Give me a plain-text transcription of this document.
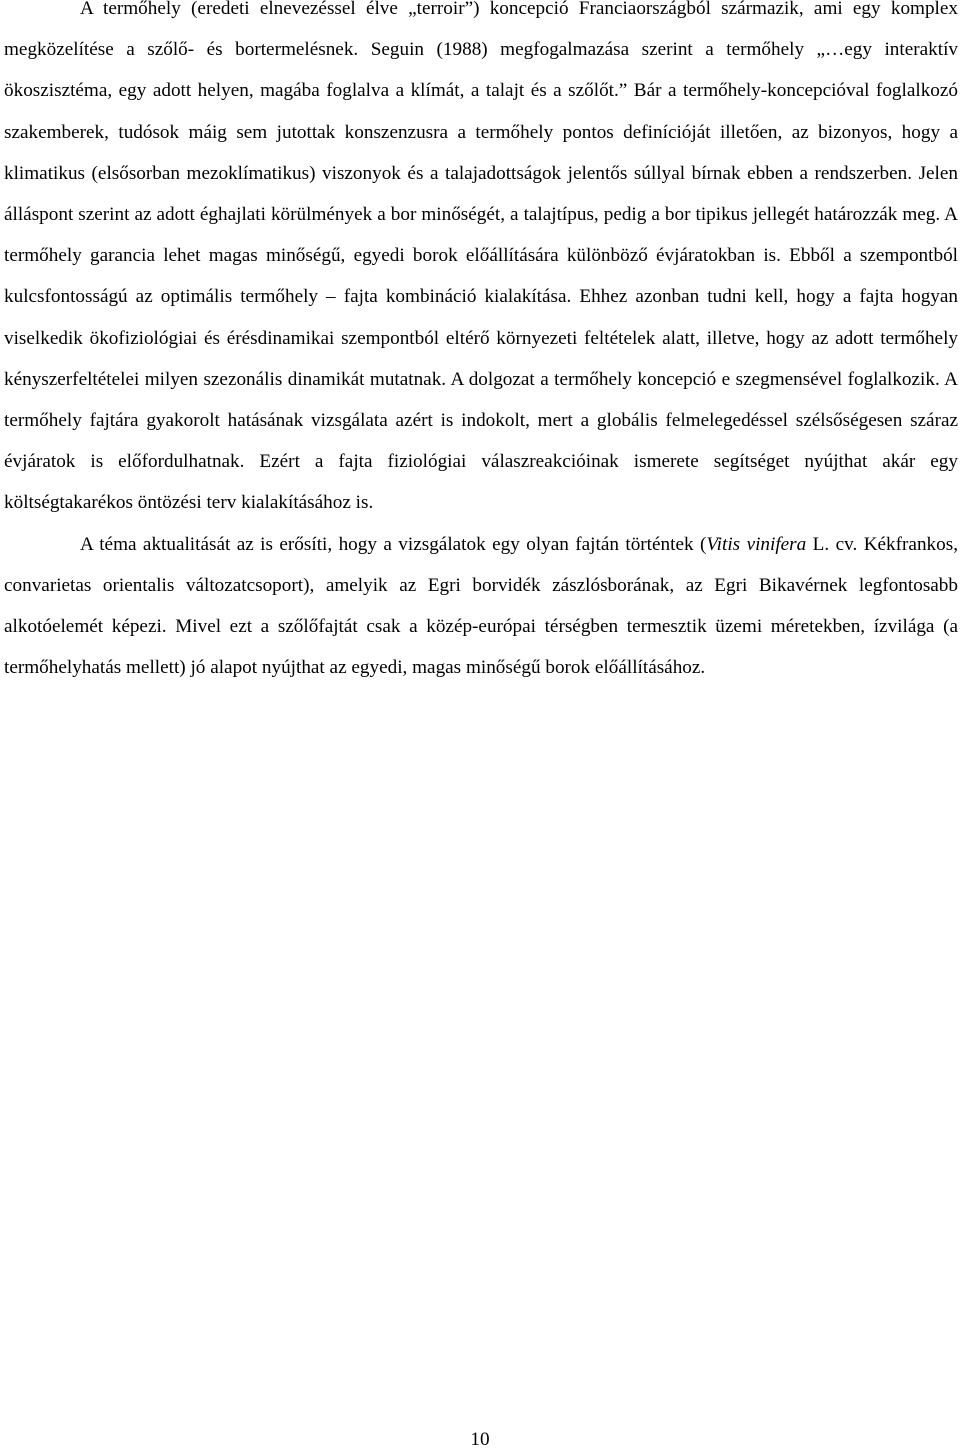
A termőhely (eredeti elnevezéssel élve „terroir”) koncepció Franciaországból származik, ami egy komplex megközelítése a szőlő- és bortermelésnek. Seguin (1988) megfogalmazása szerint a termőhely „…egy interaktív ökoszisztéma, egy adott helyen, magába foglalva a klímát, a talajt és a szőlőt.” Bár a termőhely-koncepcióval foglalkozó szakemberek, tudósok máig sem jutottak konszenzusra a termőhely pontos definícióját illetően, az bizonyos, hogy a klimatikus (elsősorban mezoklímatikus) viszonyok és a talajadottságok jelentős súllyal bírnak ebben a rendszerben. Jelen álláspont szerint az adott éghajlati körülmények a bor minőségét, a talajtípus, pedig a bor tipikus jellegét határozzák meg. A termőhely garancia lehet magas minőségű, egyedi borok előállítására különböző évjáratokban is. Ebből a szempontból kulcsfontosságú az optimális termőhely – fajta kombináció kialakítása. Ehhez azonban tudni kell, hogy a fajta hogyan viselkedik ökofiziológiai és érésdinamikai szempontból eltérő környezeti feltételek alatt, illetve, hogy az adott termőhely kényszerfeltételei milyen szezonális dinamikát mutatnak. A dolgozat a termőhely koncepció e szegmensével foglalkozik. A termőhely fajtára gyakorolt hatásának vizsgálata azért is indokolt, mert a globális felmelegedéssel szélsőségesen száraz évjáratok is előfordulhatnak. Ezért a fajta fiziológiai válaszreakcióinak ismerete segítséget nyújthat akár egy költségtakarékos öntözési terv kialakításához is.

A téma aktualitását az is erősíti, hogy a vizsgálatok egy olyan fajtán történtek (Vitis vinifera L. cv. Kékfrankos, convarietas orientalis változatcsoport), amelyik az Egri borvidék zászlósborának, az Egri Bikavérnek legfontosabb alkotóelemét képezi. Mivel ezt a szőlőfajtát csak a közép-európai térségben termesztik üzemi méretekben, ízvilága (a termőhelyhatás mellett) jó alapot nyújthat az egyedi, magas minőségű borok előállításához.

10
